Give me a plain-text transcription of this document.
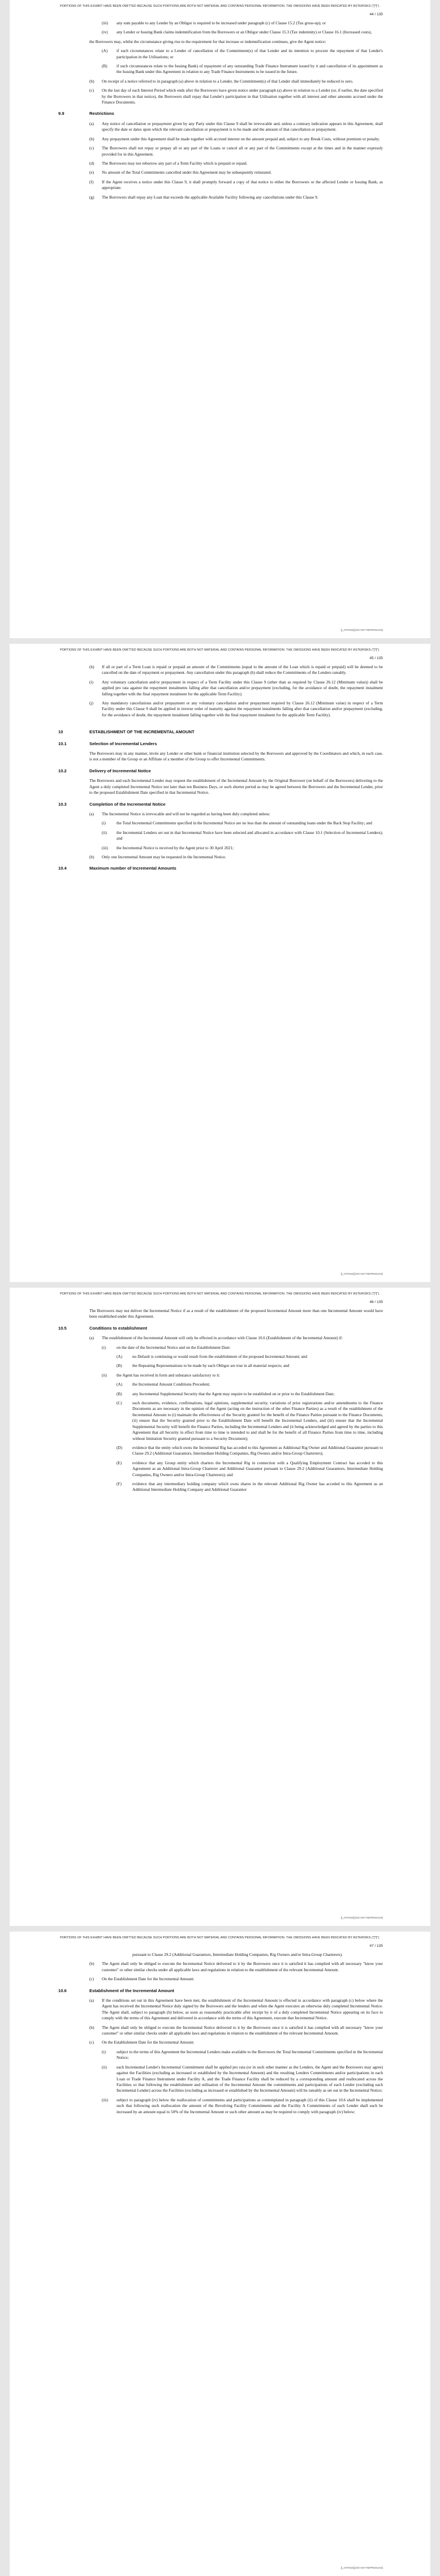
PORTIONS OF THIS EXHIBIT HAVE BEEN OMITTED BECAUSE SUCH PORTIONS ARE BOTH NOT MATERIAL AND CONTAINS PERSONAL INFORMATION. THE OMISSIONS HAVE BEEN INDICATED BY ASTERISKS ("[*]").
44 / 135
(iii)	any sum payable to any Lender by an Obligor is required to be increased under paragraph (c) of Clause 15.2 (Tax gross-up); or
(iv)	any Lender or Issuing Bank claims indemnification from the Borrowers or an Obligor under Clause 15.3 (Tax indemnity) or Clause 16.1 (Increased costs),
the Borrowers may, whilst the circumstance giving rise to the requirement for that increase or indemnification continues, give the Agent notice:
(A)	if such circumstances relate to a Lender of cancellation of the Commitment(s) of that Lender and its intention to procure the repayment of that Lender's participation in the Utilisations; or
(B)	if such circumstances relate to the Issuing Bank) of repayment of any outstanding Trade Finance Instrument issued by it and cancellation of its appointment as the Issuing Bank under this Agreement in relation to any Trade Finance Instruments to be issued in the future.
(b)	On receipt of a notice referred to in paragraph (a) above in relation to a Lender, the Commitment(s) of that Lender shall immediately be reduced to zero.
(c)	On the last day of each Interest Period which ends after the Borrowers have given notice under paragraph (a) above in relation to a Lender (or, if earlier, the date specified by the Borrowers in that notice), the Borrowers shall repay that Lender's participation in that Utilisation together with all interest and other amounts accrued under the Finance Documents.
9.9	Restrictions
(a)	Any notice of cancellation or prepayment given by any Party under this Clause 9 shall be irrevocable and, unless a contrary indication appears in this Agreement, shall specify the date or dates upon which the relevant cancellation or prepayment is to be made and the amount of that cancellation or prepayment.
(b)	Any prepayment under this Agreement shall be made together with accrued interest on the amount prepaid and, subject to any Break Costs, without premium or penalty.
(c)	The Borrowers shall not repay or prepay all or any part of the Loans or cancel all or any part of the Commitments except at the times and in the manner expressly provided for in this Agreement.
(d)	The Borrowers may not reborrow any part of a Term Facility which is prepaid or repaid.
(e)	No amount of the Total Commitments cancelled under this Agreement may be subsequently reinstated.
(f)	If the Agent receives a notice under this Clause 9, it shall promptly forward a copy of that notice to either the Borrowers or the affected Lender or Issuing Bank, as appropriate.
(g)	The Borrowers shall repay any Loan that exceeds the applicable Available Facility following any cancellations under this Clause 9.
[[_2707916]] [DO NOT REPRODUCE]
PORTIONS OF THIS EXHIBIT HAVE BEEN OMITTED BECAUSE SUCH PORTIONS ARE BOTH NOT MATERIAL AND CONTAINS PERSONAL INFORMATION. THE OMISSIONS HAVE BEEN INDICATED BY ASTERISKS ("[*]").
45 / 135
(h)	If all or part of a Term Loan is repaid or prepaid an amount of the Commitments (equal to the amount of the Loan which is repaid or prepaid) will be deemed to be cancelled on the date of repayment or prepayment. Any cancellation under this paragraph (h) shall reduce the Commitments of the Lenders rateably.
(i)	Any voluntary cancellation and/or prepayment in respect of a Term Facility under this Clause 9 (other than as required by Clause 26.12 (Minimum value)) shall be applied pro rata against the repayment instalments falling after that cancellation and/or prepayment (excluding, for the avoidance of doubt, the repayment instalment falling together with the final repayment instalment for the applicable Term Facility).
(j)	Any mandatory cancellations and/or prepayment or any voluntary cancellation and/or prepayment required by Clause 26.12 (Minimum value) in respect of a Term Facility under this Clause 9 shall be applied in inverse order of maturity against the repayment instalments falling after that cancellation and/or prepayment (excluding, for the avoidance of doubt, the repayment instalment falling together with the final repayment instalment for the applicable Term Facility).
10	ESTABLISHMENT OF THE INCREMENTAL AMOUNT
10.1	Selection of Incremental Lenders
The Borrowers may in any manner, invite any Lender or other bank or financial institution selected by the Borrowers and approved by the Coordinators and which, in each case, is not a member of the Group or an Affiliate of a member of the Group to offer Incremental Commitments.
10.2	Delivery of Incremental Notice
The Borrowers and each Incremental Lender may request the establishment of the Incremental Amount by the Original Borrower (on behalf of the Borrowers) delivering to the Agent a duly completed Incremental Notice not later than ten Business Days, or such shorter period as may be agreed between the Borrowers and the Incremental Lender, prior to the proposed Establishment Date specified in that Incremental Notice.
10.3	Completion of the Incremental Notice
(a)	The Incremental Notice is irrevocable and will not be regarded as having been duly completed unless:
(i)	the Total Incremental Commitments specified in the Incremental Notice are no less than the amount of outstanding loans under the Back Stop Facility; and
(ii)	the Incremental Lenders set out in that Incremental Notice have been selected and allocated in accordance with Clause 10.1 (Selection of Incremental Lenders); and
(iii)	the Incremental Notice is received by the Agent prior to 30 April 2021;
(b)	Only one Incremental Amount may be requested in the Incremental Notice.
10.4	Maximum number of Incremental Amounts
[[_2707916]] [DO NOT REPRODUCE]
PORTIONS OF THIS EXHIBIT HAVE BEEN OMITTED BECAUSE SUCH PORTIONS ARE BOTH NOT MATERIAL AND CONTAINS PERSONAL INFORMATION. THE OMISSIONS HAVE BEEN INDICATED BY ASTERISKS ("[*]").
46 / 135
The Borrowers may not deliver the Incremental Notice if as a result of the establishment of the proposed Incremental Amount more than one Incremental Amount would have been established under this Agreement.
10.5	Conditions to establishment
(a)	The establishment of the Incremental Amount will only be effected in accordance with Clause 10.6 (Establishment of the Incremental Amount) if:
(i)	on the date of the Incremental Notice and on the Establishment Date:
(A)	no Default is continuing or would result from the establishment of the proposed Incremental Amount; and
(B)	the Repeating Representations to be made by each Obligor are true in all material respects; and
(ii)	the Agent has received in form and substance satisfactory to it:
(A)	the Incremental Amount Conditions Precedent;
(B)	any Incremental Supplemental Security that the Agent may require to be established on or prior to the Establishment Date;
(C)	such documents, evidence, confirmations, legal opinions, supplemental security, variations of prior registrations and/or amendments to the Finance Documents as are necessary in the opinion of the Agent (acting on the instruction of the other Finance Parties) as a result of the establishment of the Incremental Amount to (i) maintain the effectiveness of the Security granted for the benefit of the Finance Parties pursuant to the Finance Documents, (ii) ensure that the Security granted prior to the Establishment Date will benefit the Incremental Lenders, and (iii) ensure that the Incremental Supplemental Security will benefit the Finance Parties, including the Incremental Lenders and (it being acknowledged and agreed by the parties to this Agreement that all Security in effect from time to time is intended to and shall be for the benefit of all Finance Parties from time to time, including without limitation Security granted pursuant to a Security Document);
(D)	evidence that the entity which owns the Incremental Rig has acceded to this Agreement as Additional Rig Owner and Additional Guarantor pursuant to Clause 29.2 (Additional Guarantors, Intermediate Holding Companies, Rig Owners and/or Intra-Group Charterers);
(E)	evidence that any Group entity which charters the Incremental Rig in connection with a Qualifying Employment Contract has acceded to this Agreement as an Additional Intra-Group Charterer and Additional Guarantor pursuant to Clause 29.2 (Additional Guarantors, Intermediate Holding Companies, Rig Owners and/or Intra-Group Charterers); and
(F)	evidence that any intermediary holding company which owns shares in the relevant Additional Rig Owner has acceded to this Agreement as an Additional Intermediate Holding Company and Additional Guarantor
[[_2707916]] [DO NOT REPRODUCE]
PORTIONS OF THIS EXHIBIT HAVE BEEN OMITTED BECAUSE SUCH PORTIONS ARE BOTH NOT MATERIAL AND CONTAINS PERSONAL INFORMATION. THE OMISSIONS HAVE BEEN INDICATED BY ASTERISKS ("[*]").
47 / 135
pursuant to Clause 29.2 (Additional Guarantors, Intermediate Holding Companies, Rig Owners and/or Intra-Group Charterers).
(b)	The Agent shall only be obliged to execute the Incremental Notice delivered to it by the Borrowers once it is satisfied it has complied with all necessary "know your customer" or other similar checks under all applicable laws and regulations in relation to the establishment of the relevant Incremental Amount.
(c)	On the Establishment Date for the Incremental Amount:
10.6	Establishment of the Incremental Amount
(a)	If the conditions set out in this Agreement have been met, the establishment of the Incremental Amount is effected in accordance with paragraph (c) below where the Agent has received the Incremental Notice duly signed by the Borrowers and the lenders and when the Agent executes an otherwise duly completed Incremental Notice. The Agent shall, subject to paragraph (b) below, as soon as reasonably practicable after receipt by it of a duly completed Incremental Notice appearing on its face to comply with the terms of this Agreement and delivered in accordance with the terms of this Agreement, execute that Incremental Notice.
(b)	The Agent shall only be obliged to execute the Incremental Notice delivered to it by the Borrowers once it is satisfied it has complied with all necessary "know your customer" or other similar checks under all applicable laws and regulations in relation to the establishment of the relevant Incremental Amount.
(c)	On the Establishment Date for the Incremental Amount:
(i)	subject to the terms of this Agreement the Incremental Lenders make available to the Borrowers the Total Incremental Commitments specified in the Incremental Notice;
(ii)	each Incremental Lender's Incremental Commitment shall be applied pro rata (or in such other manner as the Lenders, the Agent and the Borrowers may agree) against the Facilities (excluding as increased or established by the Incremental Amount) and the resulting Lenders Commitments and/or participations in each Loan or Trade Finance Instrument under Facility A, and the Trade Finance Facility shall be reduced by a corresponding amount and reallocated across the Facilities so that following the establishment and utilisation of the Incremental Amount the commitments and participations of each Lender (excluding each Incremental Lender) across the Facilities (excluding as increased or established by the Incremental Amount) will be rateably as set out in the Incremental Notice;
(iii)	subject to paragraph (iv) below the reallocation of commitments and participations as contemplated in paragraph (ii) of this Clause 10.6 shall be implemented such that following such reallocation the amount of the Revolving Facility Commitments and the Facility A Commitments of each Lender shall each be increased by an amount equal to 50% of the Incremental Amount or such other amount as may be required to comply with paragraph (iv) below;
[[_2707916]] [DO NOT REPRODUCE]
